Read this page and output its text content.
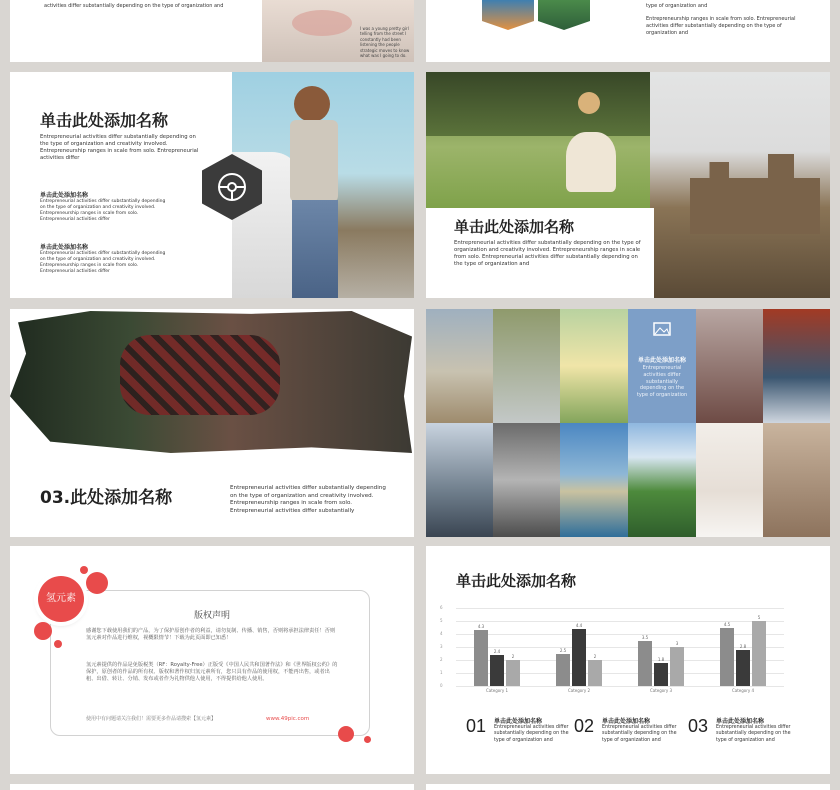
activities differ substantially depending on the type of organization and
I was a young pretty girl telling from the street I constantly had been listening the people strategic moves to know what was I going to do.
type of organization and
Entrepreneurship ranges in scale from solo. Entrepreneurial activities differ substantially depending on the type of organization and
单击此处添加名称
Entrepreneurial activities differ substantially depending on the type of organization and creativity involved. Entrepreneurship ranges in scale from solo. Entrepreneurial activities differ
单击此处添加名称
Entrepreneurial activities differ substantially depending on the type of organization and creativity involved. Entrepreneurship ranges in scale from solo. Entrepreneurial activities differ
单击此处添加名称
Entrepreneurial activities differ substantially depending on the type of organization and creativity involved. Entrepreneurship ranges in scale from solo. Entrepreneurial activities differ
单击此处添加名称
Entrepreneurial activities differ substantially depending on the type of organization and creativity involved. Entrepreneurship ranges in scale from solo. Entrepreneurial activities differ substantially depending on the type of organization and
03.此处添加名称	Entrepreneurial activities differ substantially depending on the type of organization and creativity involved. Entrepreneurship ranges in scale from solo. Entrepreneurial activities differ substantially
单击此处添加名称
Entrepreneurial activities differ substantially depending on the type of organization
氢元素
版权声明
感谢您下载使用我们的产品，为了保护原创作者的利益，请勿复制、传播、销售，否则将承担法律责任！否则氢元素对作品进行维权，视概限情节！下载为此页面即已知悉！
氢元素提供的作品是免版税类（RF：Royalty-Free）正版受《中国人民共和国著作法》和《世界版权公约》的保护，原创者的作品的所有权、版权和著作权归氢元素所有，您只具有作品的使用权，不能再出售，或者出租、出借、转让、分销、发布或者作为礼物供他人使用，不得提供给他人使用。
使用中有问题请关注我们！需要更多作品请搜索【氢元素】	www.49pic.com
单击此处添加名称
0
1
2
3
4
5
6
4.3
2.4
2
2.5
4.4
2
3.5
1.8
3
4.5
2.8
5
Category 1	Category 2	Category 3	Category 4
01 单击此处添加名称
Entrepreneurial activities differ substantially depending on the type of organization and
02 单击此处添加名称
Entrepreneurial activities differ substantially depending on the type of organization and
03 单击此处添加名称
Entrepreneurial activities differ substantially depending on the type of organization and
